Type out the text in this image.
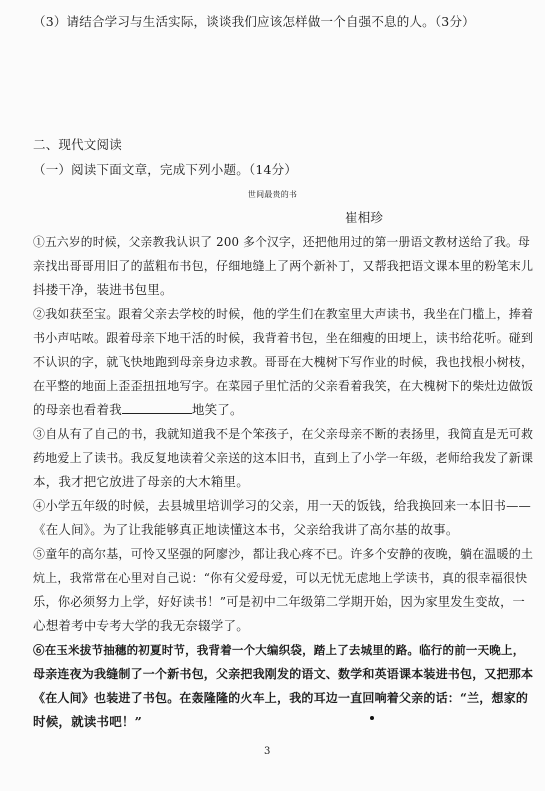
（3）请结合学习与生活实际，谈谈我们应该怎样做一个自强不息的人。（3分）
二、现代文阅读
（一）阅读下面文章，完成下列小题。（14分）
世间最贵的书
崔相珍
①五六岁的时候，父亲教我认识了 200 多个汉字，还把他用过的第一册语文教材送给了我。母
亲找出哥哥用旧了的蓝粗布书包，仔细地缝上了两个新补丁，又帮我把语文课本里的粉笔末儿
抖搂干净，装进书包里。
②我如获至宝。跟着父亲去学校的时候，他的学生们在教室里大声读书，我坐在门槛上，捧着
书小声咕哝。跟着母亲下地干活的时候，我背着书包，坐在细瘦的田埂上，读书给花听。碰到
不认识的字，就飞快地跑到母亲身边求教。哥哥在大槐树下写作业的时候，我也找根小树枝，
在平整的地面上歪歪扭扭地写字。在菜园子里忙活的父亲看着我笑，在大槐树下的柴灶边做饭
的母亲也看着我	地笑了。
③自从有了自己的书，我就知道我不是个笨孩子，在父亲母亲不断的表扬里，我简直是无可救
药地爱上了读书。我反复地读着父亲送的这本旧书，直到上了小学一年级，老师给我发了新课
本，我才把它放进了母亲的大木箱里。
④小学五年级的时候，去县城里培训学习的父亲，用一天的饭钱，给我换回来一本旧书——
《在人间》。为了让我能够真正地读懂这本书，父亲给我讲了高尔基的故事。
⑤童年的高尔基，可怜又坚强的阿廖沙，都让我心疼不已。许多个安静的夜晚，躺在温暖的土
炕上，我常常在心里对自己说：“你有父爱母爱，可以无忧无虑地上学读书，真的很幸福很快
乐，你必须努力上学，好好读书！”可是初中二年级第二学期开始，因为家里发生变故，一
心想着考中专考大学的我无奈辍学了。
⑥在玉米拔节抽穗的初夏时节，我背着一个大编织袋，踏上了去城里的路。临行的前一天晚上，
母亲连夜为我缝制了一个新书包，父亲把我刚发的语文、数学和英语课本装进书包，又把那本
《在人间》也装进了书包。在轰隆隆的火车上，我的耳边一直回响着父亲的话：“兰，想家的
时候，就读书吧！”
3
